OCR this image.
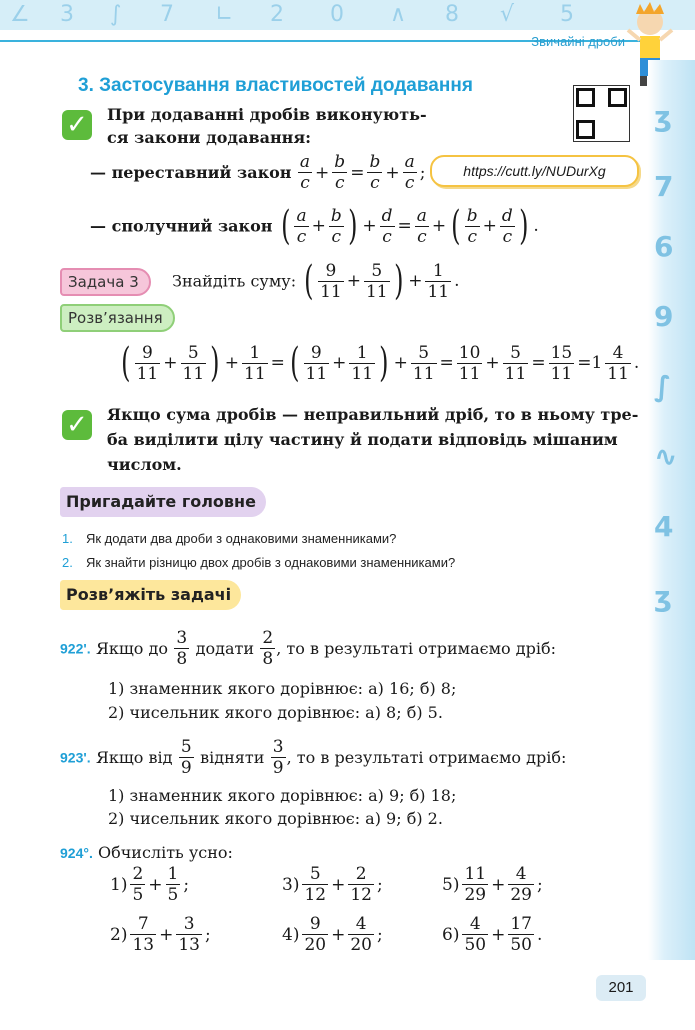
∠ 3 ∫ 7 ∟ 2 0 ∧ 8 √ 5
Звичайні дроби
ʒ
7
6
9
∫
∿
4
ʒ
3. Застосування властивостей додавання
https://cutt.ly/NUDurXg
✓ При додаванні дробів виконують-
ся закони додавання:
— переставний закон $\frac{a}{c} + \frac{b}{c} = \frac{b}{c} + \frac{a}{c}$ ;
— сполучний закон ( $\frac{a}{c} + \frac{b}{c}$ ) + $\frac{d}{c} = \frac{a}{c}$ + ( $\frac{b}{c} + \frac{d}{c}$ ) .
Задача 3	Знайдіть суму: ( $\frac{9}{11} + \frac{5}{11}$ ) + $\frac{1}{11}$ .
Розв’язання
( $\frac{9}{11} + \frac{5}{11}$ ) + $\frac{1}{11}$ = ( $\frac{9}{11} + \frac{1}{11}$ ) + $\frac{5}{11} = \frac{10}{11} + \frac{5}{11} = \frac{15}{11} =1 \frac{4}{11}$ .
✓ Якщо сума дробів — неправильний дріб, то в ньому тре-
ба виділити цілу частину й подати відповідь мішаним
числом.
Пригадайте головне
1. Як додати два дроби з однаковими знаменниками?
2. Як знайти різницю двох дробів з однаковими знаменниками?
Розв’яжіть задачі
922'. Якщо до $\frac{3}{8}$ додати $\frac{2}{8}$ , то в результаті отримаємо дріб:
1) знаменник якого дорівнює: а) 16; б) 8;
2) чисельник якого дорівнює: а) 8; б) 5.
923'. Якщо від $\frac{5}{9}$ відняти $\frac{3}{9}$ , то в результаті отримаємо дріб:
1) знаменник якого дорівнює: а) 9; б) 18;
2) чисельник якого дорівнює: а) 9; б) 2.
924°. Обчисліть усно:
$1) \frac{2}{5} + \frac{1}{5}$ ;	$3) \frac{5}{12} + \frac{2}{12}$ ;	$5) \frac{11}{29} + \frac{4}{29}$ ;
$2) \frac{7}{13} + \frac{3}{13}$ ;	$4) \frac{9}{20} + \frac{4}{20}$ ;	$6) \frac{4}{50} + \frac{17}{50}$ .
201
